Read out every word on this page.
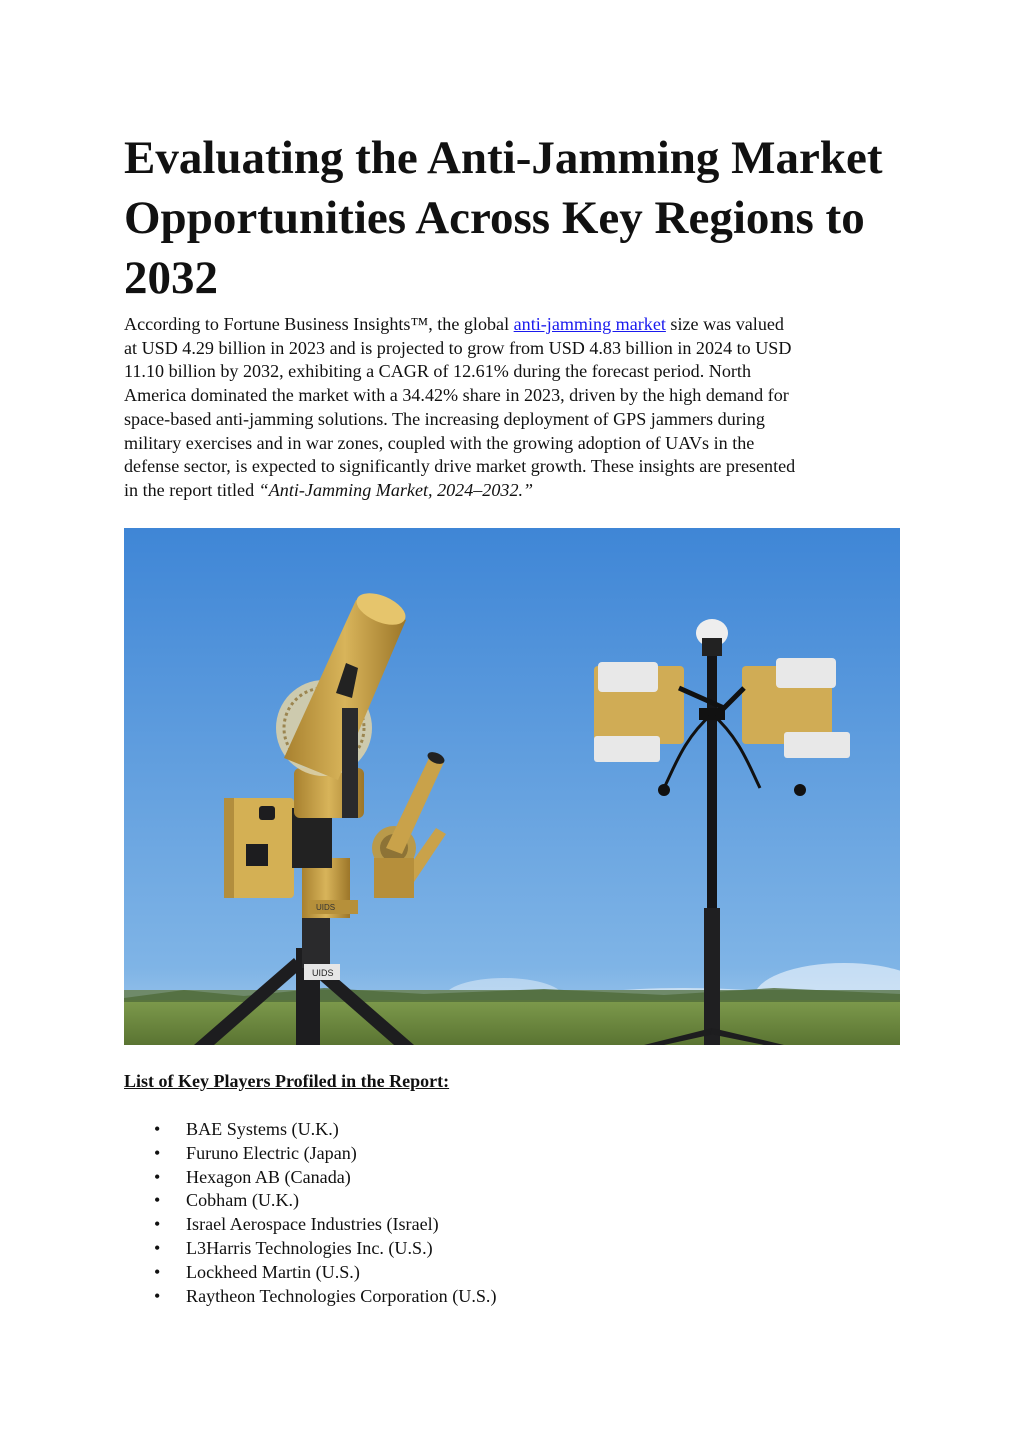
Evaluating the Anti-Jamming Market
Opportunities Across Key Regions to
2032

According to Fortune Business Insights™, the global anti-jamming market size was valued
at USD 4.29 billion in 2023 and is projected to grow from USD 4.83 billion in 2024 to USD
11.10 billion by 2032, exhibiting a CAGR of 12.61% during the forecast period. North
America dominated the market with a 34.42% share in 2023, driven by the high demand for
space-based anti-jamming solutions. The increasing deployment of GPS jammers during
military exercises and in war zones, coupled with the growing adoption of UAVs in the
defense sector, is expected to significantly drive market growth. These insights are presented
in the report titled “Anti-Jamming Market, 2024–2032.”

UIDS
UIDS

List of Key Players Profiled in the Report:

• BAE Systems (U.K.)
• Furuno Electric (Japan)
• Hexagon AB (Canada)
• Cobham (U.K.)
• Israel Aerospace Industries (Israel)
• L3Harris Technologies Inc. (U.S.)
• Lockheed Martin (U.S.)
• Raytheon Technologies Corporation (U.S.)
